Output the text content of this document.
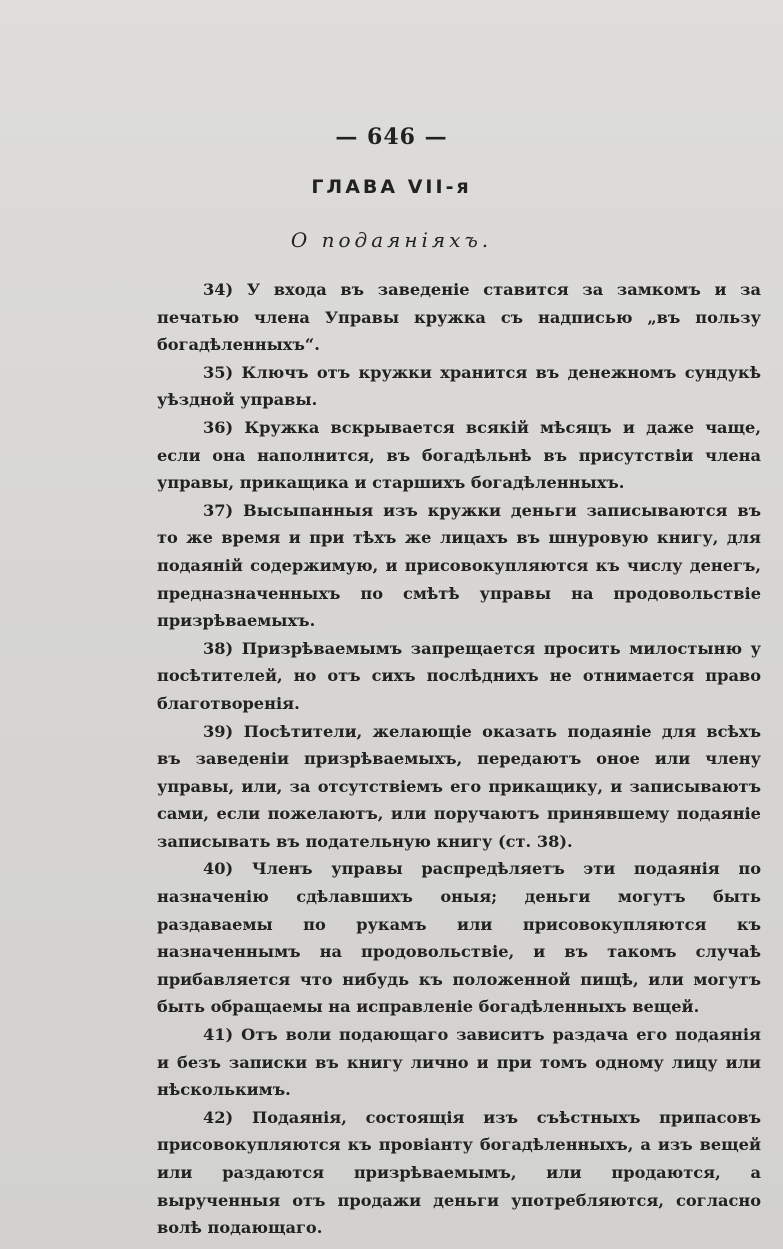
— 646 —
ГЛАВА VII-я
О подаяніяхъ.

34) У входа въ заведеніе ставится за замкомъ и за печатью члена Управы кружка съ надписью „въ пользу богадѣленныхъ“.

35) Ключъ отъ кружки хранится въ денежномъ сундукѣ уѣздной управы.

36) Кружка вскрывается всякій мѣсяцъ и даже чаще, если она наполнится, въ богадѣльнѣ въ присутствіи члена управы, прикащика и старшихъ богадѣленныхъ.

37) Высыпанныя изъ кружки деньги записываются въ то же время и при тѣхъ же лицахъ въ шнуровую книгу, для подаяній содержимую, и присовокупляются къ числу денегъ, предназначенныхъ по смѣтѣ управы на продовольствіе призрѣваемыхъ.

38) Призрѣваемымъ запрещается просить милостыню у посѣтителей, но отъ сихъ послѣднихъ не отнимается право благотворенія.

39) Посѣтители, желающіе оказать подаяніе для всѣхъ въ заведеніи призрѣваемыхъ, передаютъ оное или члену управы, или, за отсутствіемъ его прикащику, и записываютъ сами, если пожелаютъ, или поручаютъ принявшему подаяніе записывать въ подательную книгу (ст. 38).

40) Членъ управы распредѣляетъ эти подаянія по назначенію сдѣлавшихъ оныя; деньги могутъ быть раздаваемы по рукамъ или присовокупляются къ назначеннымъ на продовольствіе, и въ такомъ случаѣ прибавляется что нибудь къ положенной пищѣ, или могутъ быть обращаемы на исправленіе богадѣленныхъ вещей.

41) Отъ воли подающаго зависитъ раздача его подаянія и безъ записки въ книгу лично и при томъ одному лицу или нѣсколькимъ.

42) Подаянія, состоящія изъ съѣстныхъ припасовъ присовокупляются къ провіанту богадѣленныхъ, а изъ вещей или раздаются призрѣваемымъ, или продаются, а вырученныя отъ продажи деньги употребляются, согласно волѣ подающаго.
